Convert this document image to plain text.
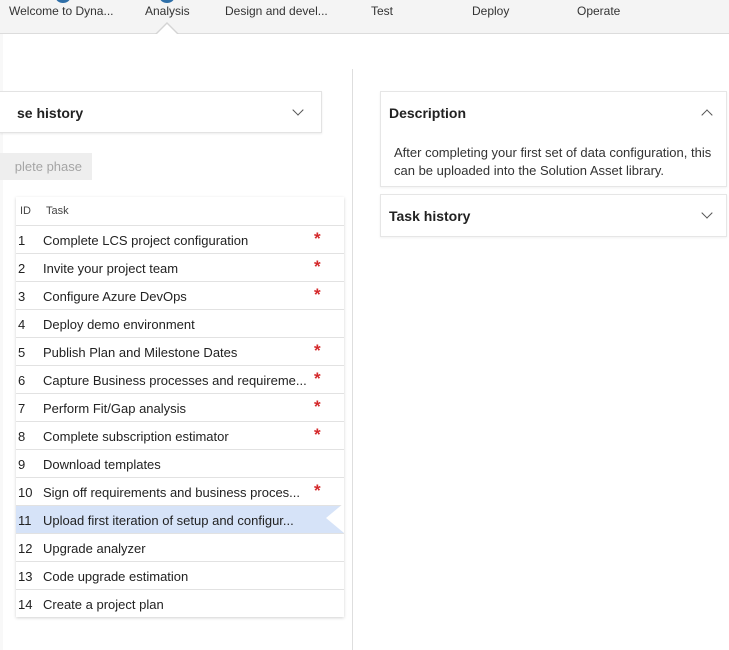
Welcome to Dyna...	Analysis	Design and devel...	Test	Deploy	Operate
se history
plete phase
ID Task
1 Complete LCS project configuration	*
2 Invite your project team	*
3 Configure Azure DevOps	*
4 Deploy demo environment
5 Publish Plan and Milestone Dates	*
6 Capture Business processes and requireme... *
7 Perform Fit/Gap analysis	*
8 Complete subscription estimator	*
9 Download templates
10 Sign off requirements and business proces... *
11 Upload first iteration of setup and configur...
12 Upgrade analyzer
13 Code upgrade estimation
14 Create a project plan
Description
After completing your first set of data configuration, this can be uploaded into the Solution Asset library.
Task history
